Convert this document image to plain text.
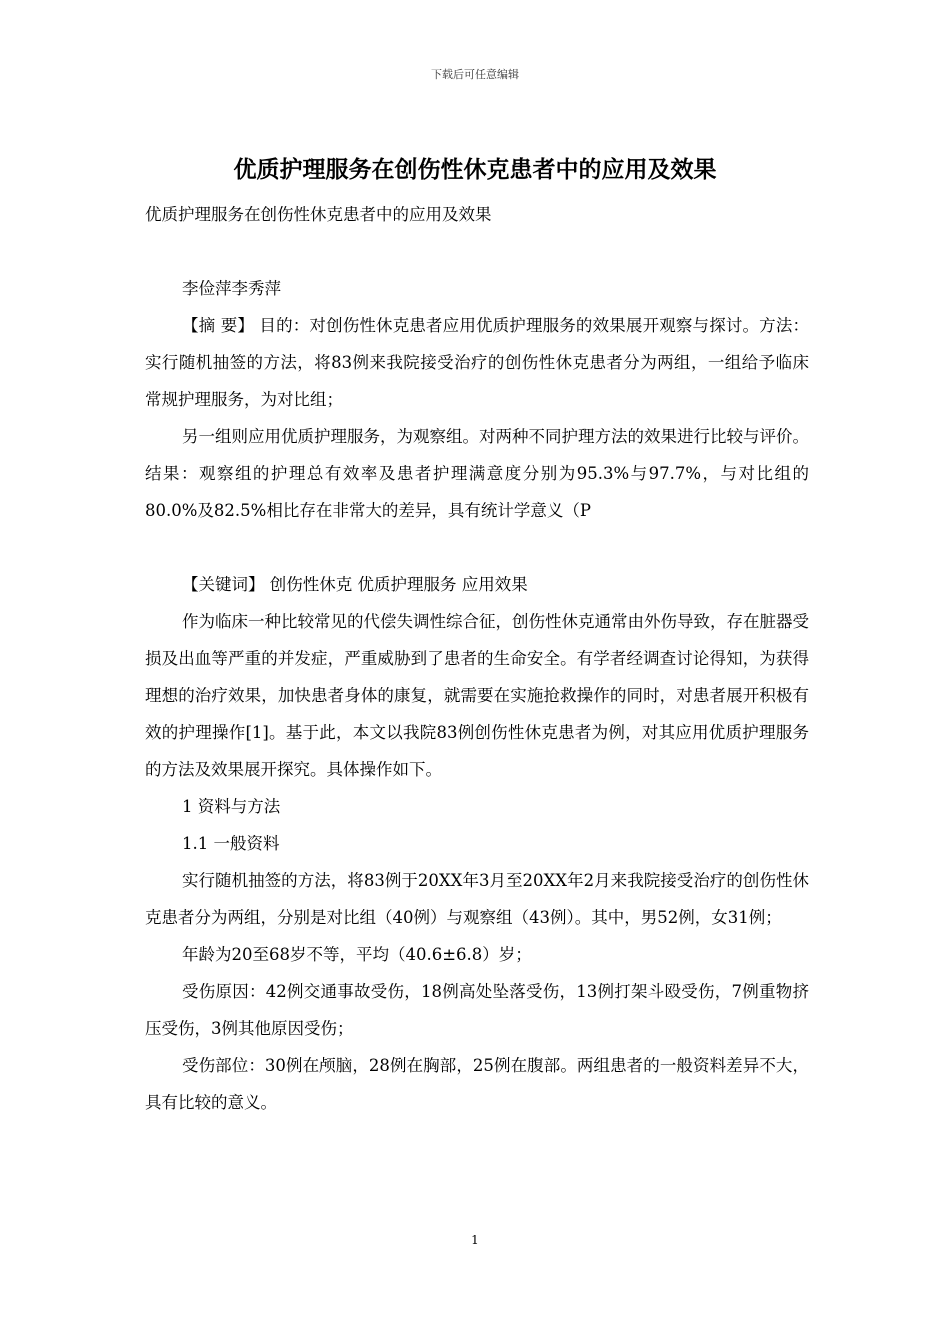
下载后可任意编辑
优质护理服务在创伤性休克患者中的应用及效果

优质护理服务在创伤性休克患者中的应用及效果

李俭萍李秀萍

【摘 要】 目的：对创伤性休克患者应用优质护理服务的效果展开观察与探讨。方法：实行随机抽签的方法，将83例来我院接受治疗的创伤性休克患者分为两组，一组给予临床常规护理服务，为对比组；

另一组则应用优质护理服务，为观察组。对两种不同护理方法的效果进行比较与评价。结果：观察组的护理总有效率及患者护理满意度分别为95.3%与97.7%，与对比组的80.0%及82.5%相比存在非常大的差异，具有统计学意义（P

【关键词】 创伤性休克 优质护理服务 应用效果

作为临床一种比较常见的代偿失调性综合征，创伤性休克通常由外伤导致，存在脏器受损及出血等严重的并发症，严重威胁到了患者的生命安全。有学者经调查讨论得知，为获得理想的治疗效果，加快患者身体的康复，就需要在实施抢救操作的同时，对患者展开积极有效的护理操作[1]。基于此，本文以我院83例创伤性休克患者为例，对其应用优质护理服务的方法及效果展开探究。具体操作如下。

1 资料与方法

1.1 一般资料

实行随机抽签的方法，将83例于20XX年3月至20XX年2月来我院接受治疗的创伤性休克患者分为两组，分别是对比组（40例）与观察组（43例）。其中，男52例，女31例；

年龄为20至68岁不等，平均（40.6±6.8）岁；

受伤原因：42例交通事故受伤，18例高处坠落受伤，13例打架斗殴受伤，7例重物挤压受伤，3例其他原因受伤；

受伤部位：30例在颅脑，28例在胸部，25例在腹部。两组患者的一般资料差异不大，具有比较的意义。

1
